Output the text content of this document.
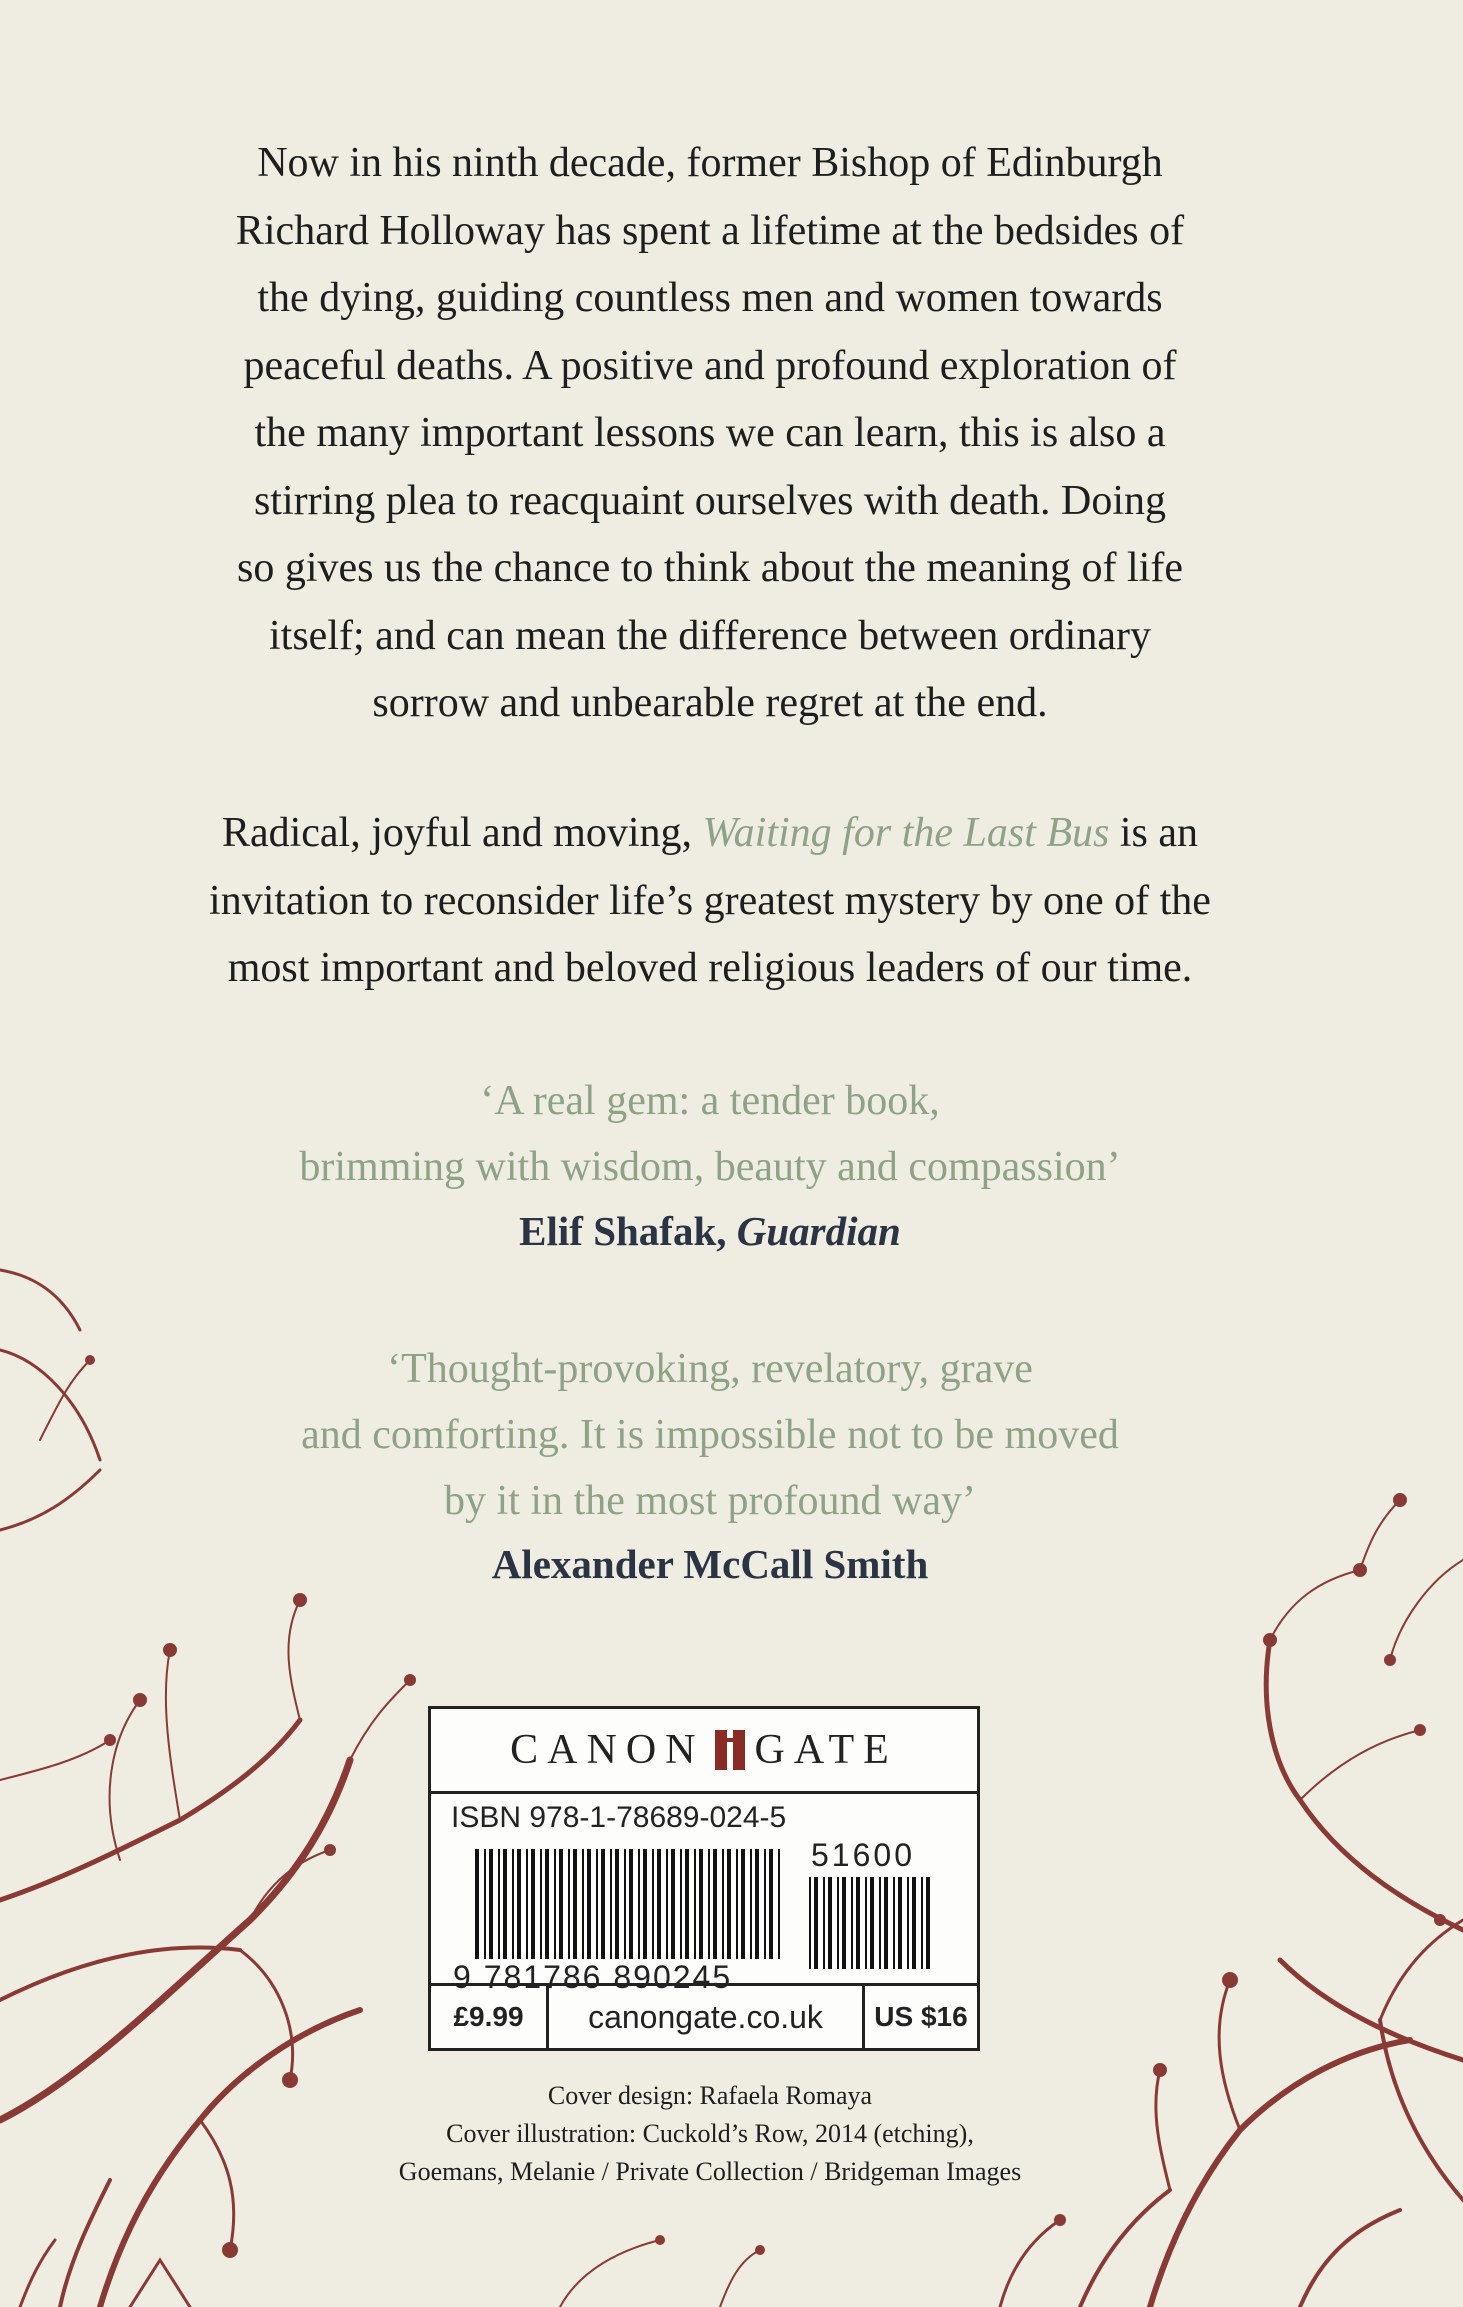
Now in his ninth decade, former Bishop of Edinburgh
Richard Holloway has spent a lifetime at the bedsides of
the dying, guiding countless men and women towards
peaceful deaths. A positive and profound exploration of
the many important lessons we can learn, this is also a
stirring plea to reacquaint ourselves with death. Doing
so gives us the chance to think about the meaning of life
itself; and can mean the difference between ordinary
sorrow and unbearable regret at the end.
Radical, joyful and moving, Waiting for the Last Bus is an
invitation to reconsider life’s greatest mystery by one of the
most important and beloved religious leaders of our time.
‘A real gem: a tender book,
brimming with wisdom, beauty and compassion’
Elif Shafak, Guardian
‘Thought-provoking, revelatory, grave
and comforting. It is impossible not to be moved
by it in the most profound way’
Alexander McCall Smith
CANON GATE
ISBN 978-1-78689-024-5
51600
9 781786 890245
£9.99	canongate.co.uk	US $16
Cover design: Rafaela Romaya
Cover illustration: Cuckold’s Row, 2014 (etching),
Goemans, Melanie / Private Collection / Bridgeman Images
